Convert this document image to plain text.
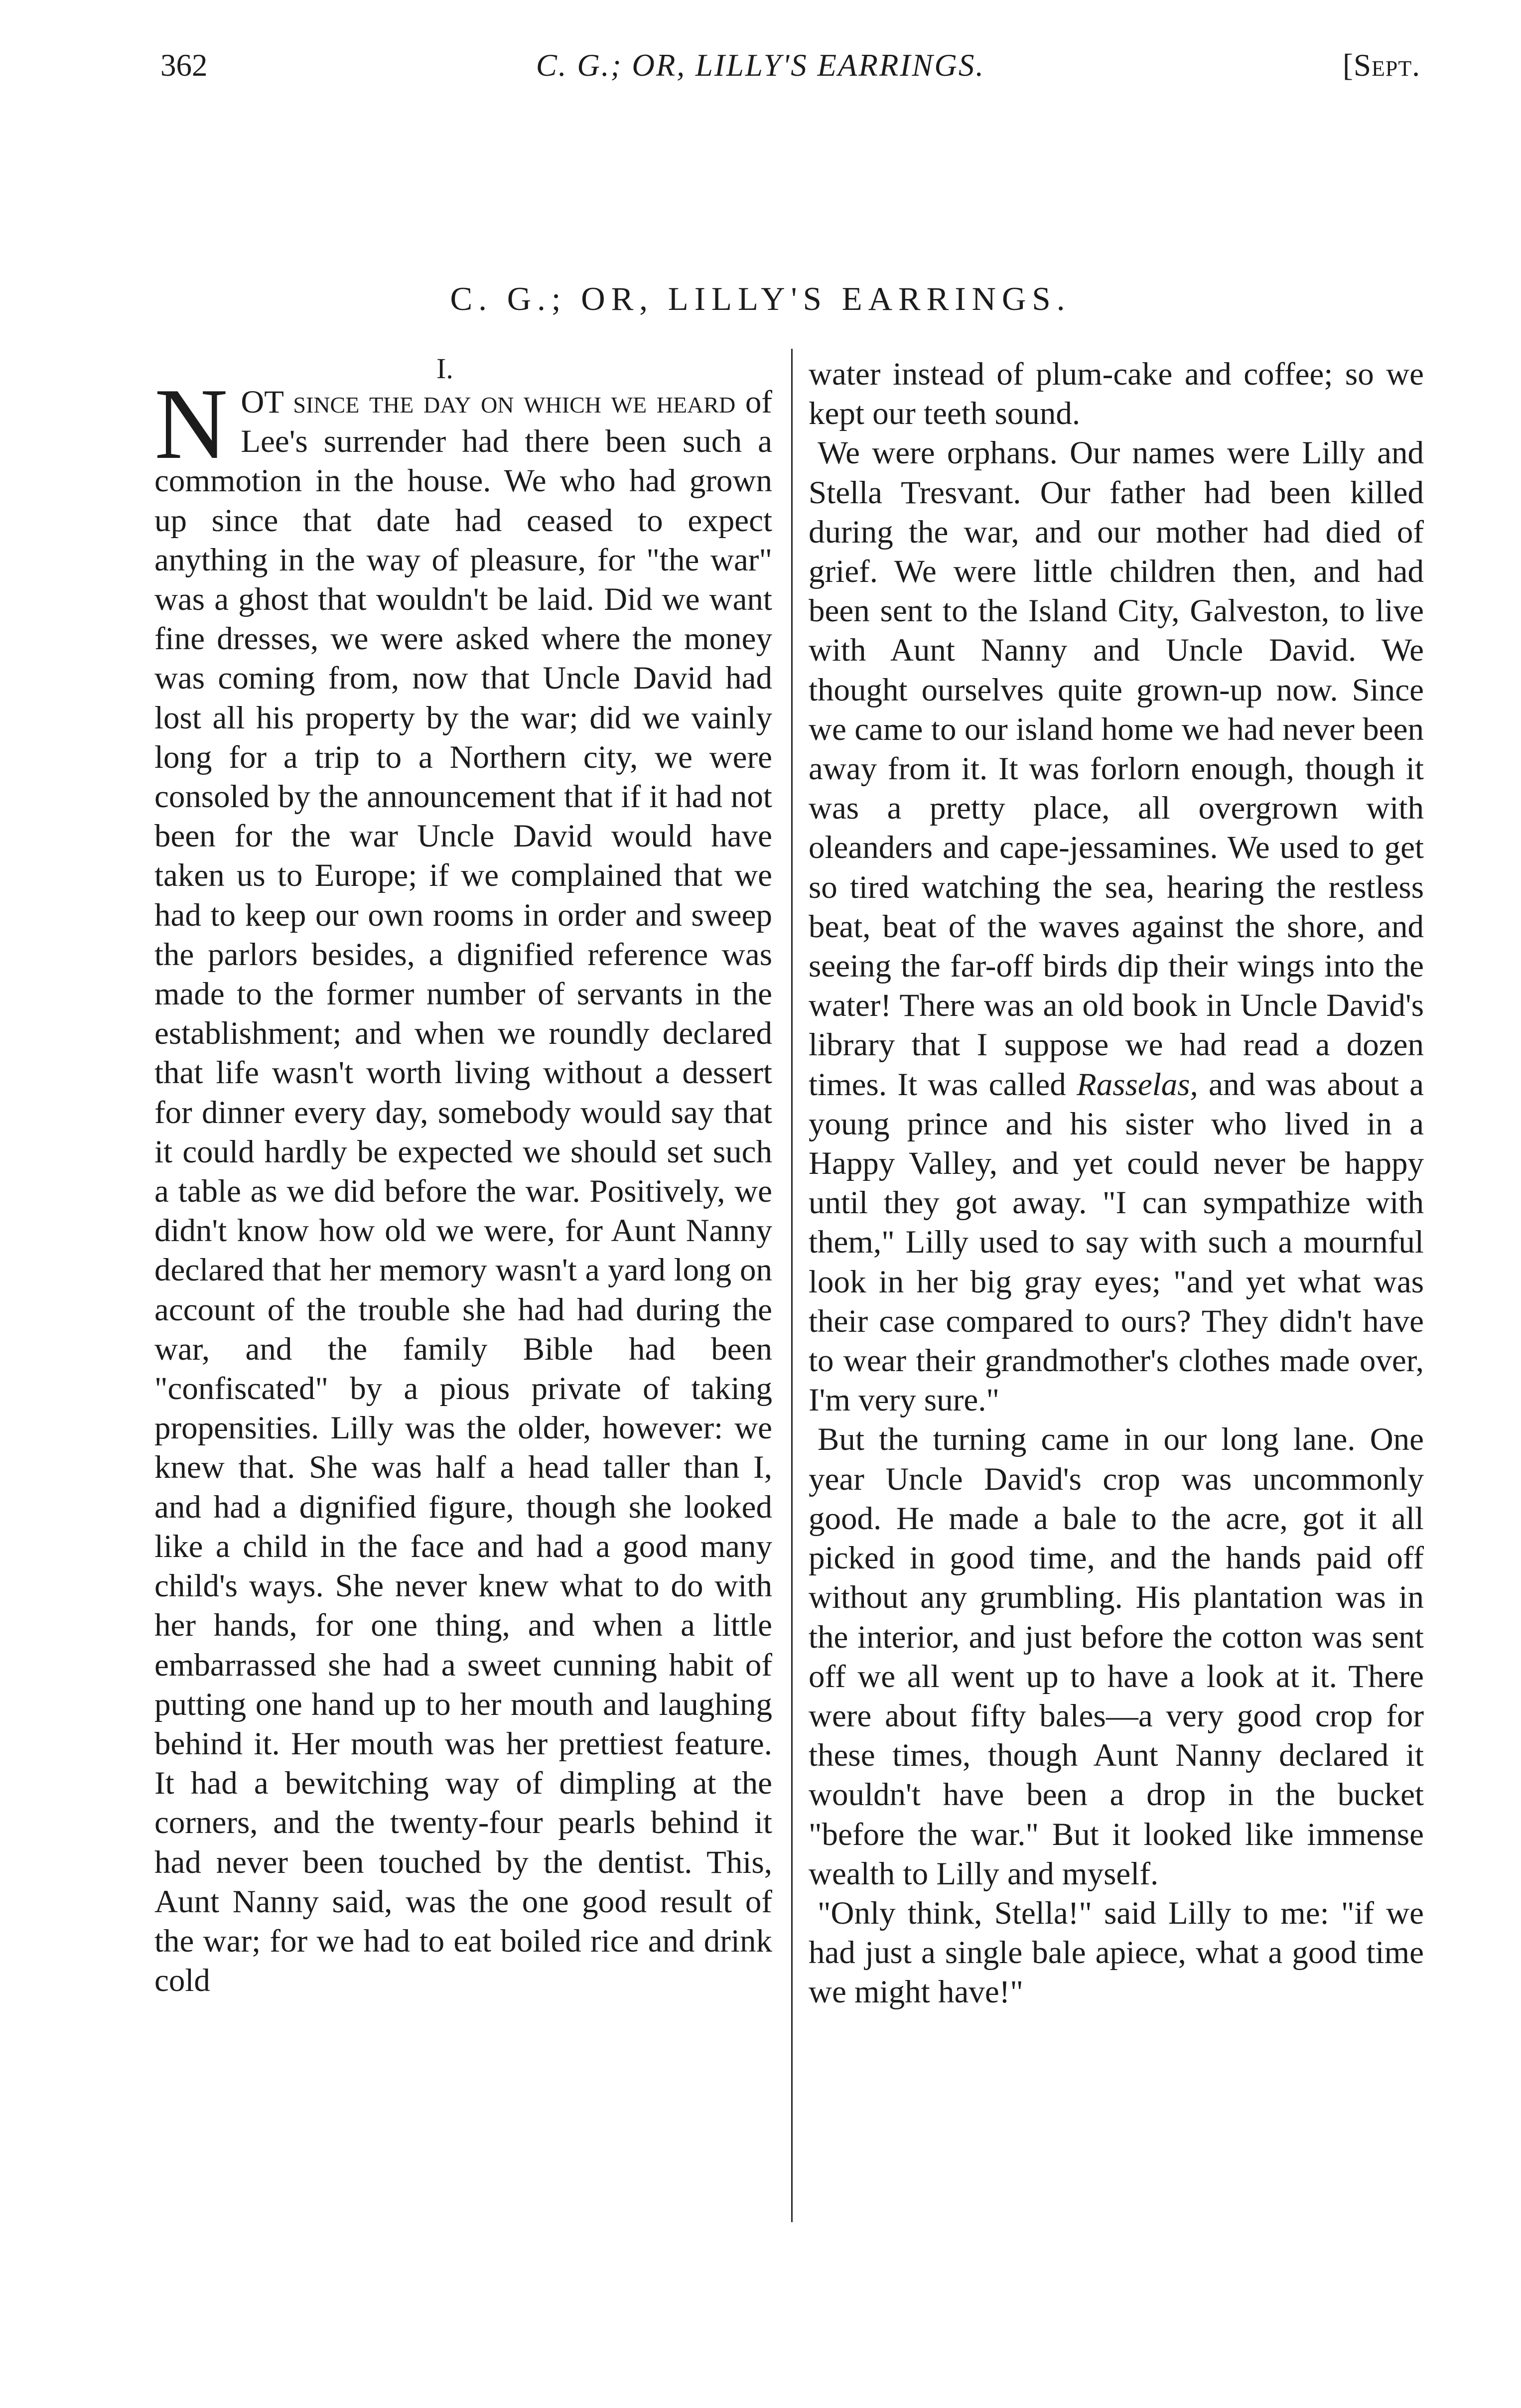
362	C. G.; OR, LILLY'S EARRINGS.	[Sept.
C. G.; OR, LILLY'S EARRINGS.
I.

NOT since the day on which we heard of Lee's surrender had there been such a commotion in the house. We who had grown up since that date had ceased to expect anything in the way of pleasure, for "the war" was a ghost that wouldn't be laid. Did we want fine dresses, we were asked where the money was coming from, now that Uncle David had lost all his property by the war; did we vainly long for a trip to a Northern city, we were consoled by the announcement that if it had not been for the war Uncle David would have taken us to Europe; if we complained that we had to keep our own rooms in order and sweep the parlors besides, a dignified reference was made to the former number of servants in the establishment; and when we roundly declared that life wasn't worth living without a dessert for dinner every day, somebody would say that it could hardly be expected we should set such a table as we did before the war. Positively, we didn't know how old we were, for Aunt Nanny declared that her memory wasn't a yard long on account of the trouble she had had during the war, and the family Bible had been "confiscated" by a pious private of taking propensities. Lilly was the older, however: we knew that. She was half a head taller than I, and had a dignified figure, though she looked like a child in the face and had a good many child's ways. She never knew what to do with her hands, for one thing, and when a little embarrassed she had a sweet cunning habit of putting one hand up to her mouth and laughing behind it. Her mouth was her prettiest feature. It had a bewitching way of dimpling at the corners, and the twenty-four pearls behind it had never been touched by the dentist. This, Aunt Nanny said, was the one good result of the war; for we had to eat boiled rice and drink cold

water instead of plum-cake and coffee; so we kept our teeth sound.

We were orphans. Our names were Lilly and Stella Tresvant. Our father had been killed during the war, and our mother had died of grief. We were little children then, and had been sent to the Island City, Galveston, to live with Aunt Nanny and Uncle David. We thought ourselves quite grown-up now. Since we came to our island home we had never been away from it. It was forlorn enough, though it was a pretty place, all overgrown with oleanders and cape-jessamines. We used to get so tired watching the sea, hearing the restless beat, beat of the waves against the shore, and seeing the far-off birds dip their wings into the water! There was an old book in Uncle David's library that I suppose we had read a dozen times. It was called Rasselas, and was about a young prince and his sister who lived in a Happy Valley, and yet could never be happy until they got away. "I can sympathize with them," Lilly used to say with such a mournful look in her big gray eyes; "and yet what was their case compared to ours? They didn't have to wear their grandmother's clothes made over, I'm very sure."

But the turning came in our long lane. One year Uncle David's crop was uncommonly good. He made a bale to the acre, got it all picked in good time, and the hands paid off without any grumbling. His plantation was in the interior, and just before the cotton was sent off we all went up to have a look at it. There were about fifty bales—a very good crop for these times, though Aunt Nanny declared it wouldn't have been a drop in the bucket "before the war." But it looked like immense wealth to Lilly and myself.

"Only think, Stella!" said Lilly to me: "if we had just a single bale apiece, what a good time we might have!"
